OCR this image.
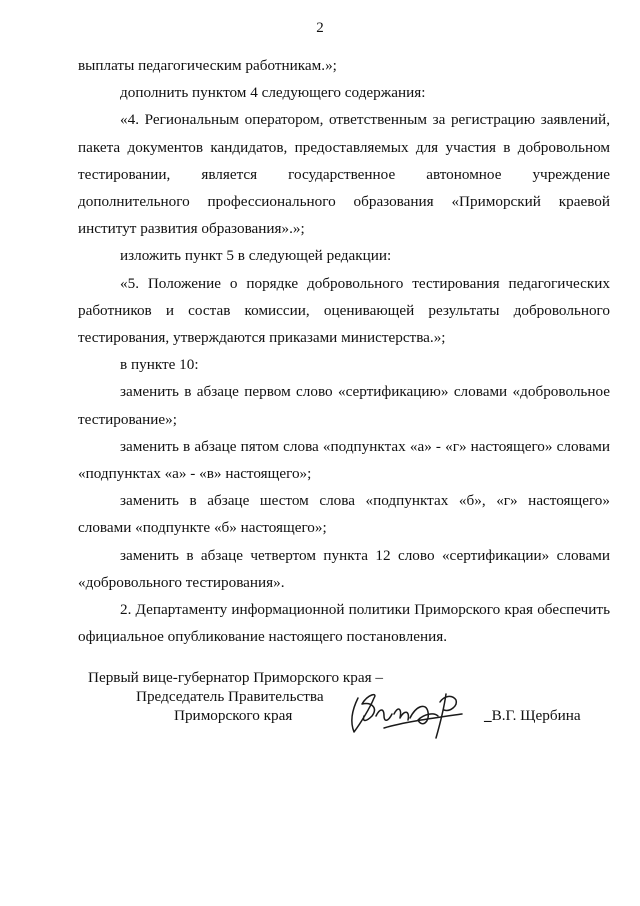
2

выплаты педагогическим работникам.»;

дополнить пунктом 4 следующего содержания:

«4. Региональным оператором, ответственным за регистрацию заявлений, пакета документов кандидатов, предоставляемых для участия в добровольном тестировании, является государственное автономное учреждение дополнительного профессионального образования «Приморский краевой институт развития образования».»;

изложить пункт 5 в следующей редакции:

«5. Положение о порядке добровольного тестирования педагогических работников и состав комиссии, оценивающей результаты добровольного тестирования, утверждаются приказами министерства.»;

в пункте 10:

заменить в абзаце первом слово «сертификацию» словами «добровольное тестирование»;

заменить в абзаце пятом слова «подпунктах «а» - «г» настоящего» словами «подпунктах «а» - «в» настоящего»;

заменить в абзаце шестом слова «подпунктах «б», «г» настоящего» словами «подпункте «б» настоящего»;

заменить в абзаце четвертом пункта 12 слово «сертификации» словами «добровольного тестирования».

2. Департаменту информационной политики Приморского края обеспечить официальное опубликование настоящего постановления.

Первый вице-губернатор Приморского края –
Председатель Правительства
Приморского края	_В.Г. Щербина
